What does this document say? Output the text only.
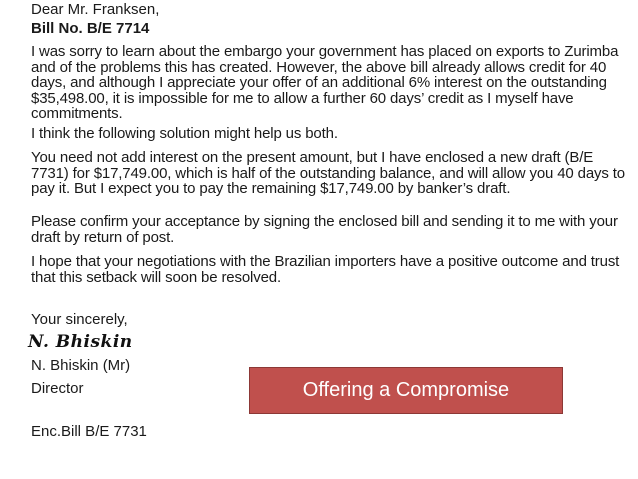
Dear Mr. Franksen,

Bill No. B/E 7714

I was sorry to learn about the embargo your government has placed on exports to Zurimba and of the problems this has created. However, the above bill already allows credit for 40 days, and although I appreciate your offer of an additional 6% interest on the outstanding $35,498.00, it is impossible for me to allow a further 60 days’ credit as I myself have commitments.

I think the following solution might help us both.

You need not add interest on the present amount, but I have enclosed a new draft (B/E 7731) for $17,749.00, which is half of the outstanding balance, and will allow you 40 days to pay it. But I expect you to pay the remaining $17,749.00 by banker’s draft.

Please confirm your acceptance by signing the enclosed bill and sending it to me with your draft by return of post.

I hope that your negotiations with the Brazilian importers have a positive outcome and trust that this setback will soon be resolved.

Your sincerely,

N. Bhiskin

N. Bhiskin (Mr)

Director

Enc.Bill B/E 7731

Offering a Compromise
